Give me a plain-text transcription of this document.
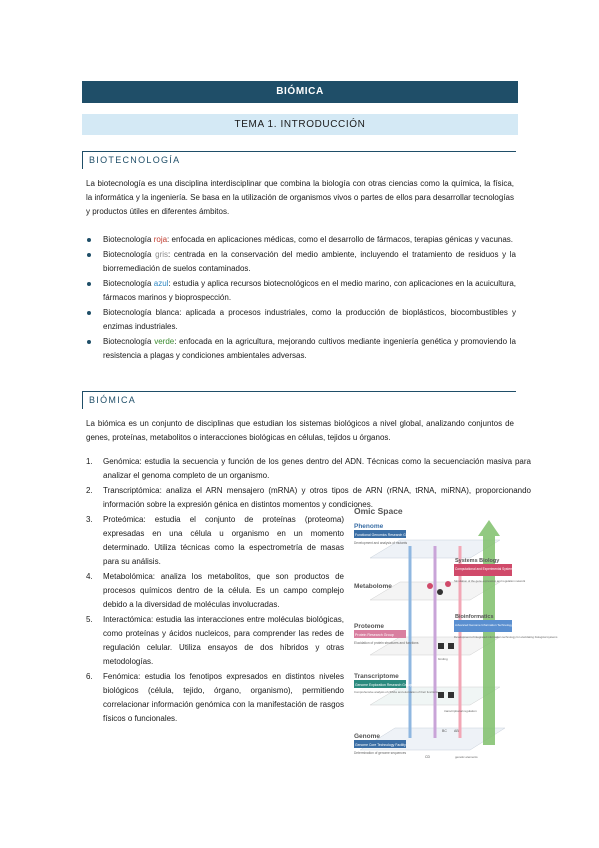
BIÓMICA
TEMA 1. INTRODUCCIÓN
BIOTECNOLOGÍA

La biotecnología es una disciplina interdisciplinar que combina la biología con otras ciencias como la química, la física, la informática y la ingeniería. Se basa en la utilización de organismos vivos o partes de ellos para desarrollar tecnologías y productos útiles en diferentes ámbitos.

Biotecnología roja: enfocada en aplicaciones médicas, como el desarrollo de fármacos, terapias génicas y vacunas.
Biotecnología gris: centrada en la conservación del medio ambiente, incluyendo el tratamiento de residuos y la biorremediación de suelos contaminados.
Biotecnología azul: estudia y aplica recursos biotecnológicos en el medio marino, con aplicaciones en la acuicultura, fármacos marinos y bioprospección.
Biotecnología blanca: aplicada a procesos industriales, como la producción de bioplásticos, biocombustibles y enzimas industriales.
Biotecnología verde: enfocada en la agricultura, mejorando cultivos mediante ingeniería genética y promoviendo la resistencia a plagas y condiciones ambientales adversas.
BIÓMICA

La biómica es un conjunto de disciplinas que estudian los sistemas biológicos a nivel global, analizando conjuntos de genes, proteínas, metabolitos o interacciones biológicas en células, tejidos u órganos.

1. Genómica: estudia la secuencia y función de los genes dentro del ADN. Técnicas como la secuenciación masiva para analizar el genoma completo de un organismo.
2. Transcriptómica: analiza el ARN mensajero (mRNA) y otros tipos de ARN (rRNA, tRNA, miRNA), proporcionando información sobre la expresión génica en distintos momentos y condiciones.
3. Proteómica: estudia el conjunto de proteínas (proteoma) expresadas en una célula u organismo en un momento determinado. Utiliza técnicas como la espectrometría de masas para su análisis.
4. Metabolómica: analiza los metabolitos, que son productos de procesos químicos dentro de la célula. Es un campo complejo debido a la diversidad de moléculas involucradas.
5. Interactómica: estudia las interacciones entre moléculas biológicas, como proteínas y ácidos nucleicos, para comprender las redes de regulación celular. Utiliza ensayos de dos híbridos y otras metodologías.
6. Fenómica: estudia los fenotipos expresados en distintos niveles biológicos (célula, tejido, órgano, organismo), permitiendo correlacionar información genómica con la manifestación de rasgos físicos o funcionales.
Omic Space
Phenome
Functional Genomics Research Group
Development and analysis of mutants
Metabolome
Proteome
Protein Research Group
Elucidation of protein structures and functions
Transcriptome
Genome Exploration Research Group
Comprehensive analysis of cDNAs and elucidation of their functions
Genome
Genome Core Technology Facility
Determination of genome sequences
Systems Biology
Computational and Experimental Systems Biology Group
Simulation of the gene expression and regulation network
Bioinformatics
Advanced Genome Information Technology Research Group
Development of integrated information technology for elucidating biological systems
binding
transcriptional regulation
BC AB
CD	genetic elements
